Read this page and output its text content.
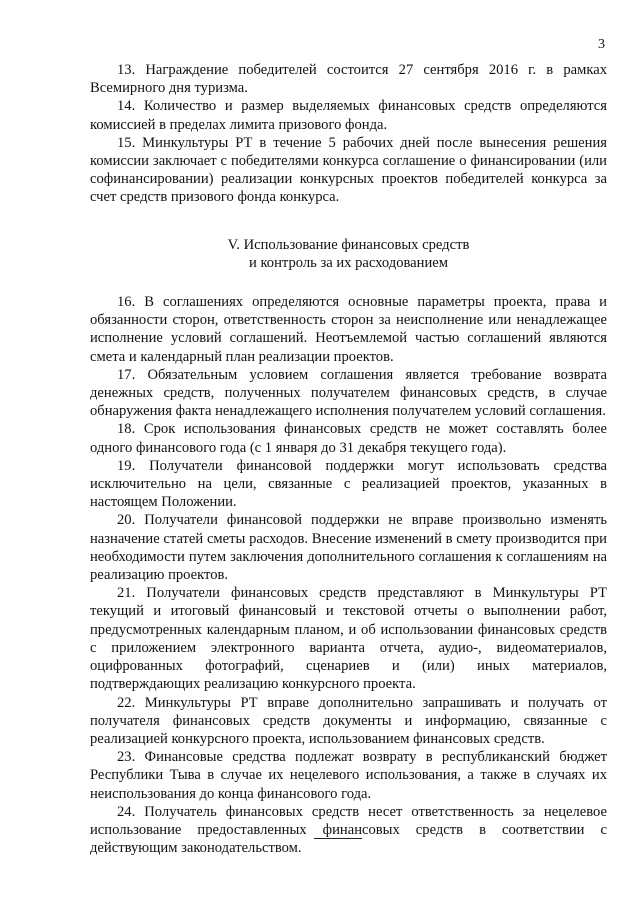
3

13. Награждение победителей состоится 27 сентября 2016 г. в рамках Всемирного дня туризма.

14. Количество и размер выделяемых финансовых средств определяются комиссией в пределах лимита призового фонда.

15. Минкультуры РТ в течение 5 рабочих дней после вынесения решения комиссии заключает с победителями конкурса соглашение о финансировании (или софинансировании) реализации конкурсных проектов победителей конкурса за счет средств призового фонда конкурса.

V. Использование финансовых средств
и контроль за их расходованием

16. В соглашениях определяются основные параметры проекта, права и обязанности сторон, ответственность сторон за неисполнение или ненадлежащее исполнение условий соглашений. Неотъемлемой частью соглашений являются смета и календарный план реализации проектов.

17. Обязательным условием соглашения является требование возврата денежных средств, полученных получателем финансовых средств, в случае обнаружения факта ненадлежащего исполнения получателем условий соглашения.

18. Срок использования финансовых средств не может составлять более одного финансового года (с 1 января до 31 декабря текущего года).

19. Получатели финансовой поддержки могут использовать средства исключительно на цели, связанные с реализацией проектов, указанных в настоящем Положении.

20. Получатели финансовой поддержки не вправе произвольно изменять назначение статей сметы расходов. Внесение изменений в смету производится при необходимости путем заключения дополнительного соглашения к соглашениям на реализацию проектов.

21. Получатели финансовых средств представляют в Минкультуры РТ текущий и итоговый финансовый и текстовой отчеты о выполнении работ, предусмотренных календарным планом, и об использовании финансовых средств с приложением электронного варианта отчета, аудио-, видеоматериалов, оцифрованных фотографий, сценариев и (или) иных материалов, подтверждающих реализацию конкурсного проекта.

22. Минкультуры РТ вправе дополнительно запрашивать и получать от получателя финансовых средств документы и информацию, связанные с реализацией конкурсного проекта, использованием финансовых средств.

23. Финансовые средства подлежат возврату в республиканский бюджет Республики Тыва в случае их нецелевого использования, а также в случаях их неиспользования до конца финансового года.

24. Получатель финансовых средств несет ответственность за нецелевое использование предоставленных финансовых средств в соответствии с действующим законодательством.
